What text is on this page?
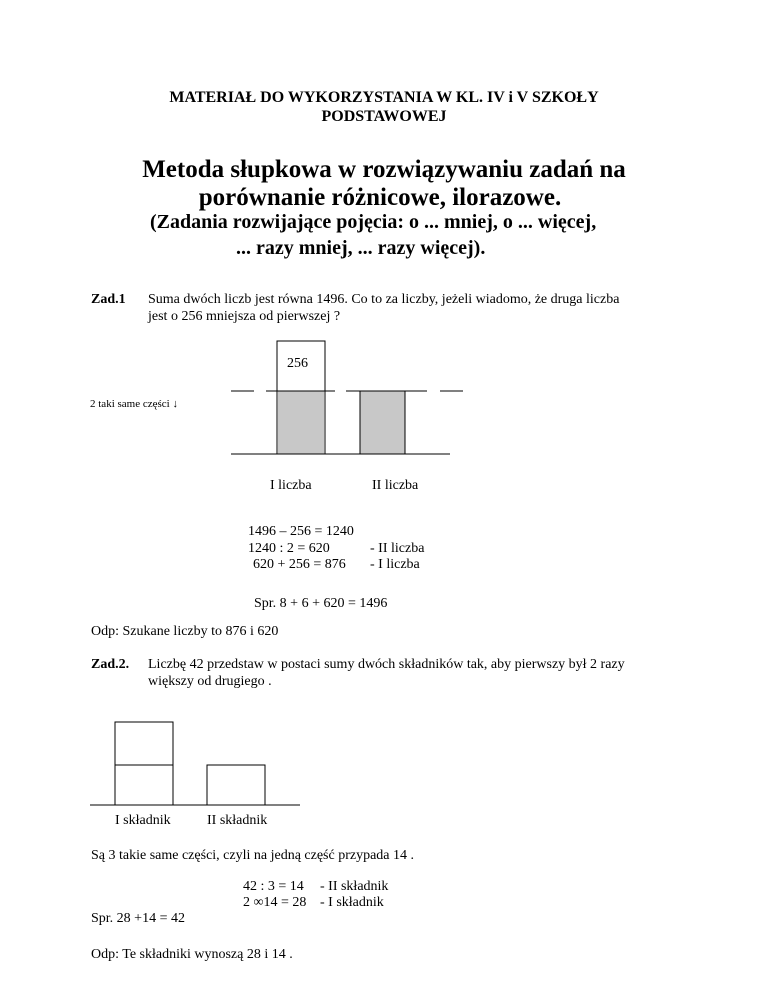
MATERIAŁ DO WYKORZYSTANIA W KL. IV i V SZKOŁY
PODSTAWOWEJ
Metoda słupkowa w rozwiązywaniu zadań na
porównanie różnicowe, ilorazowe.
(Zadania rozwijające pojęcia: o ... mniej, o ... więcej,
... razy mniej, ... razy więcej).
Zad.1 Suma dwóch liczb jest równa 1496. Co to za liczby, jeżeli wiadomo, że druga liczba
jest o 256 mniejsza od pierwszej ?
256
2 taki same części ↓
I liczba	II liczba
1496 – 256 = 1240
1240 : 2 = 620	- II liczba
620 + 256 = 876 - I liczba
Spr. 8 + 6 + 620 = 1496
Odp: Szukane liczby to 876 i 620
Zad.2. Liczbę 42 przedstaw w postaci sumy dwóch składników tak, aby pierwszy był 2 razy
większy od drugiego .
I składnik	II składnik
Są 3 takie same części, czyli na jedną część przypada 14 .
42 : 3 = 14 - II składnik
2 ∞14 = 28 - I składnik
Spr. 28 +14 = 42
Odp: Te składniki wynoszą 28 i 14 .
